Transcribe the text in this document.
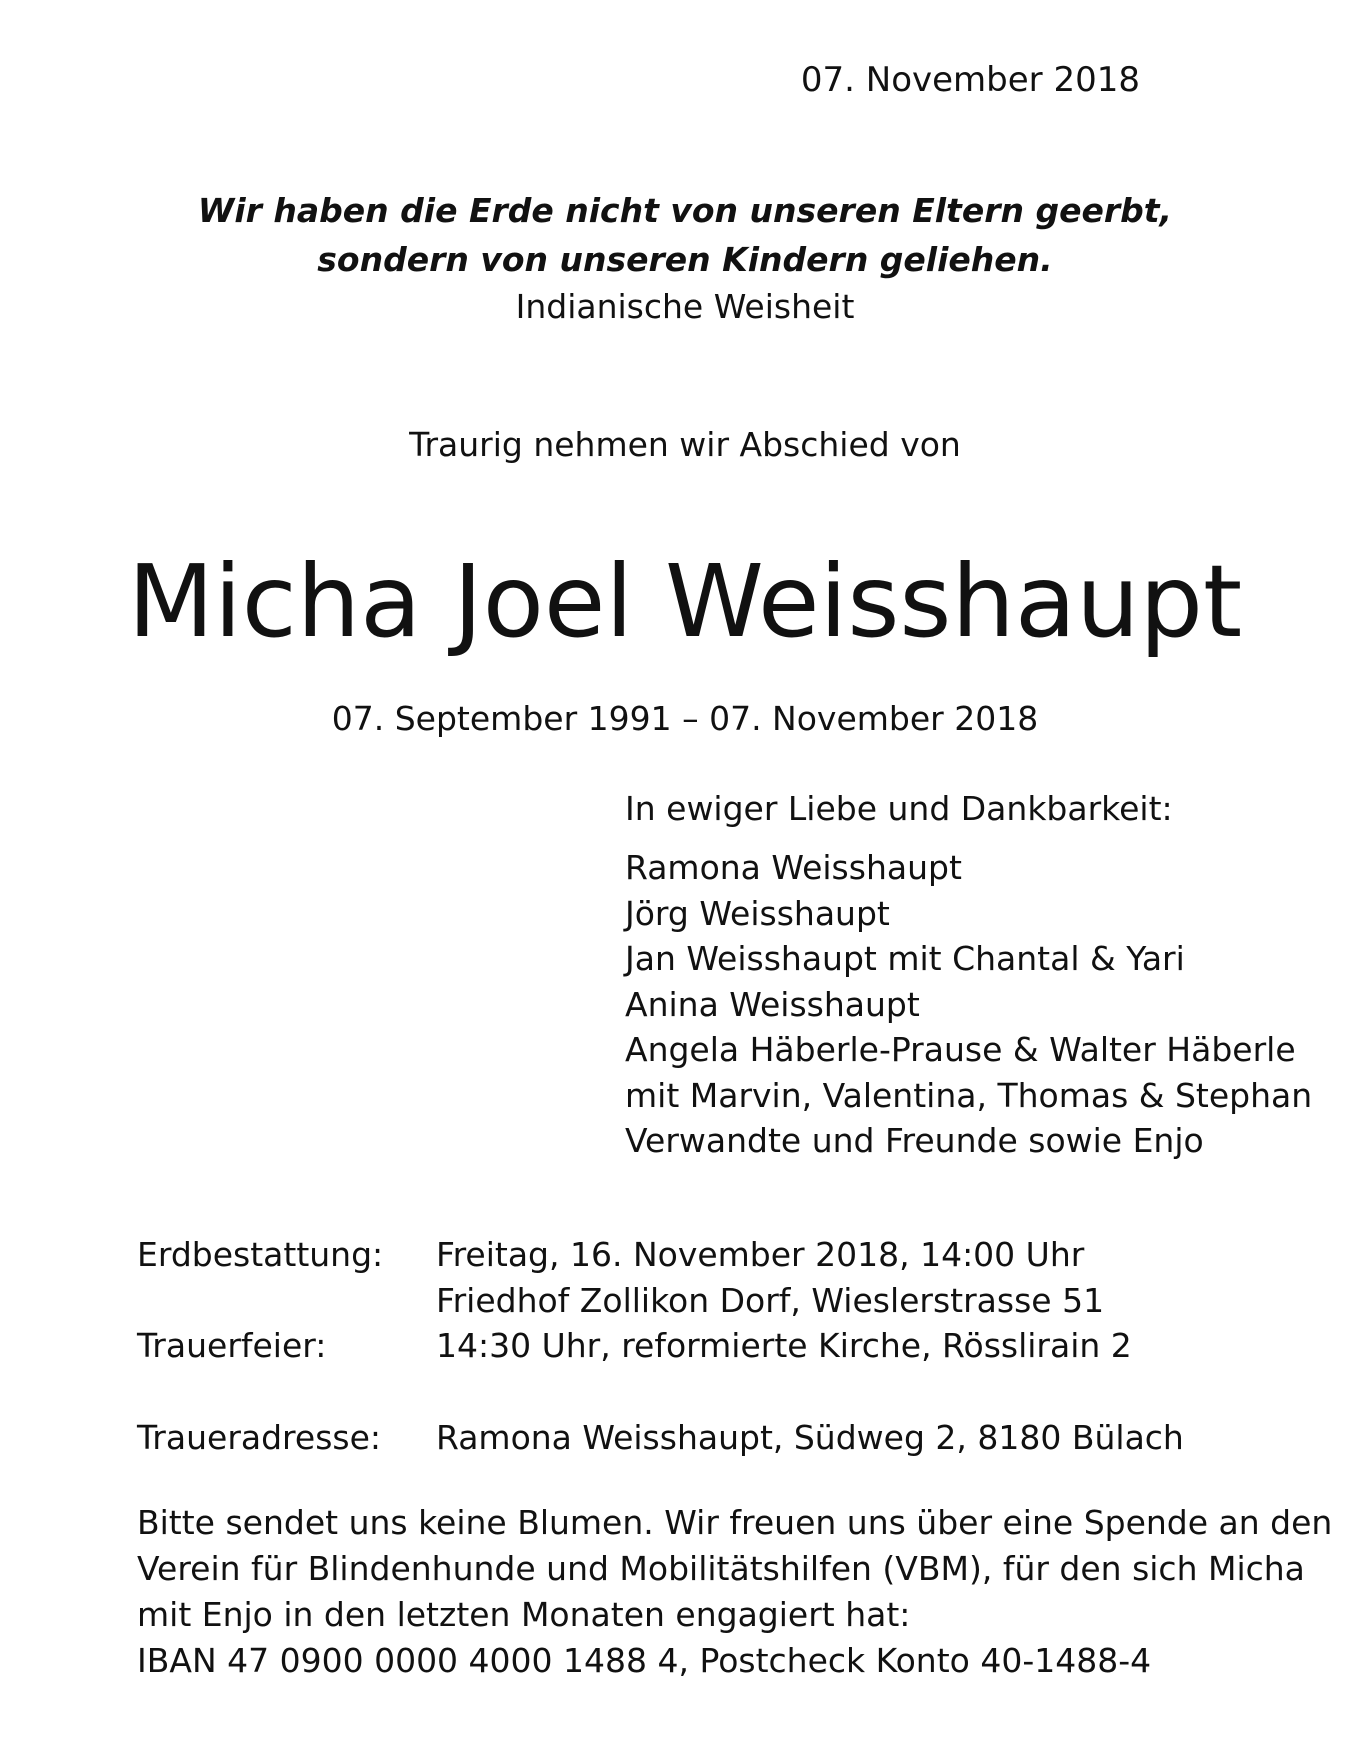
07. November 2018
Wir haben die Erde nicht von unseren Eltern geerbt,
sondern von unseren Kindern geliehen.
Indianische Weisheit
Traurig nehmen wir Abschied von
Micha Joel Weisshaupt
07. September 1991 – 07. November 2018
In ewiger Liebe und Dankbarkeit:
Ramona Weisshaupt
Jörg Weisshaupt
Jan Weisshaupt mit Chantal & Yari
Anina Weisshaupt
Angela Häberle-Prause & Walter Häberle
mit Marvin, Valentina, Thomas & Stephan
Verwandte und Freunde sowie Enjo
Erdbestattung: Freitag, 16. November 2018, 14:00 Uhr
Friedhof Zollikon Dorf, Wieslerstrasse 51
Trauerfeier:	14:30 Uhr, reformierte Kirche, Rösslirain 2
Traueradresse: Ramona Weisshaupt, Südweg 2, 8180 Bülach
Bitte sendet uns keine Blumen. Wir freuen uns über eine Spende an den
Verein für Blindenhunde und Mobilitätshilfen (VBM), für den sich Micha
mit Enjo in den letzten Monaten engagiert hat:
IBAN 47 0900 0000 4000 1488 4, Postcheck Konto 40-1488-4
